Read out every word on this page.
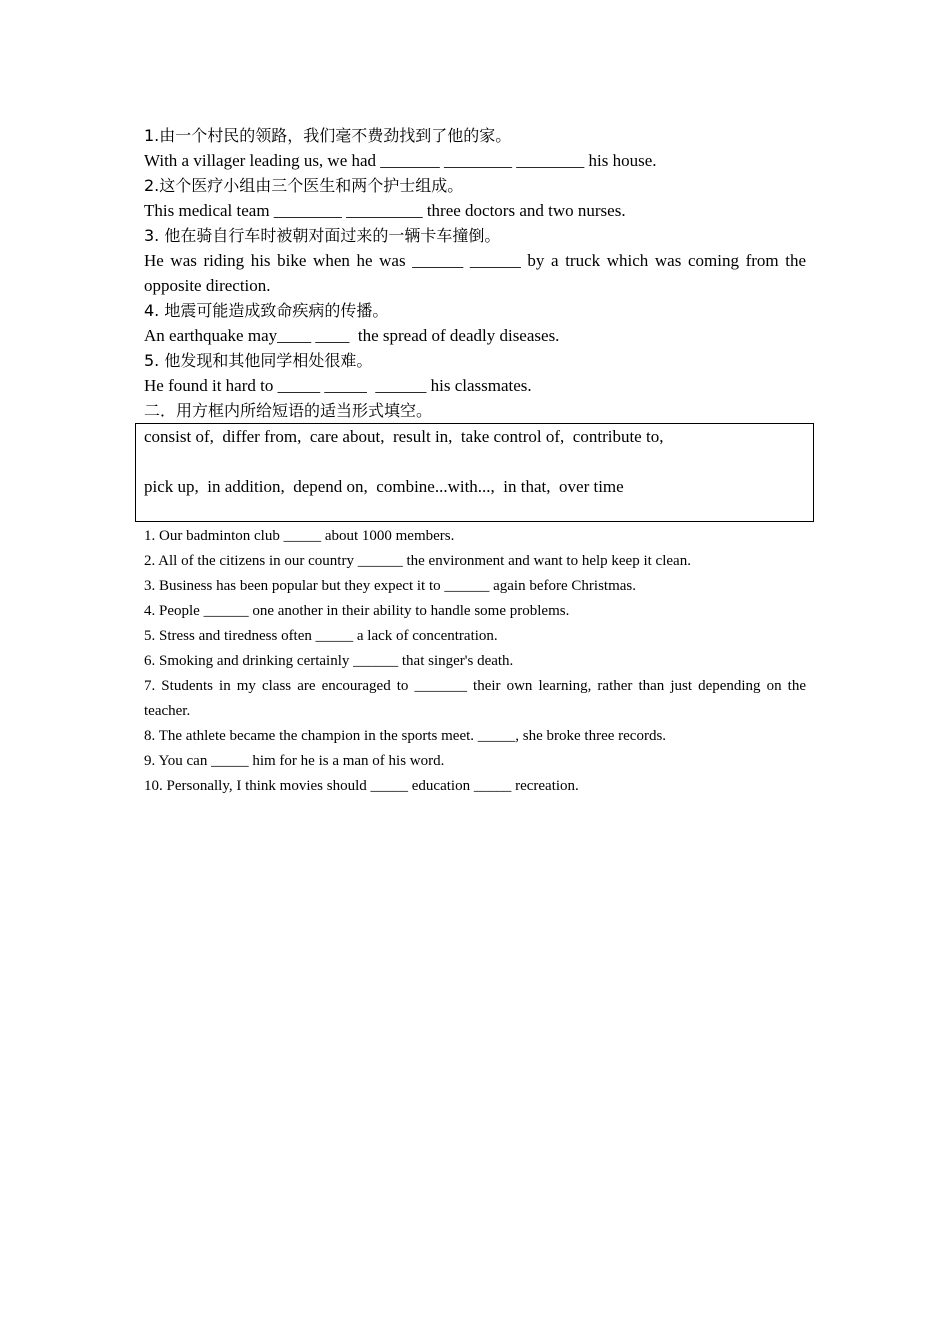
1.由一个村民的领路，我们毫不费劲找到了他的家。

With a villager leading us, we had _______ ________ ________ his house.

2.这个医疗小组由三个医生和两个护士组成。

This medical team ________ _________ three doctors and two nurses.

3. 他在骑自行车时被朝对面过来的一辆卡车撞倒。

He was riding his bike when he was ______ ______ by a truck which was coming from the opposite direction.

4. 地震可能造成致命疾病的传播。

An earthquake may____ ____  the spread of deadly diseases.

5. 他发现和其他同学相处很难。

He found it hard to _____ _____  ______ his classmates.

二．用方框内所给短语的适当形式填空。

consist of,  differ from,  care about,  result in,  take control of,  contribute to,
pick up,  in addition,  depend on,  combine...with...,  in that,  over time

1. Our badminton club _____ about 1000 members.

2. All of the citizens in our country ______ the environment and want to help keep it clean.

3. Business has been popular but they expect it to ______ again before Christmas.

4. People ______ one another in their ability to handle some problems.

5. Stress and tiredness often _____ a lack of concentration.

6. Smoking and drinking certainly ______ that singer's death.

7. Students in my class are encouraged to _______ their own learning, rather than just depending on the teacher.

8. The athlete became the champion in the sports meet. _____, she broke three records.

9. You can _____ him for he is a man of his word.

10. Personally, I think movies should _____ education _____ recreation.
